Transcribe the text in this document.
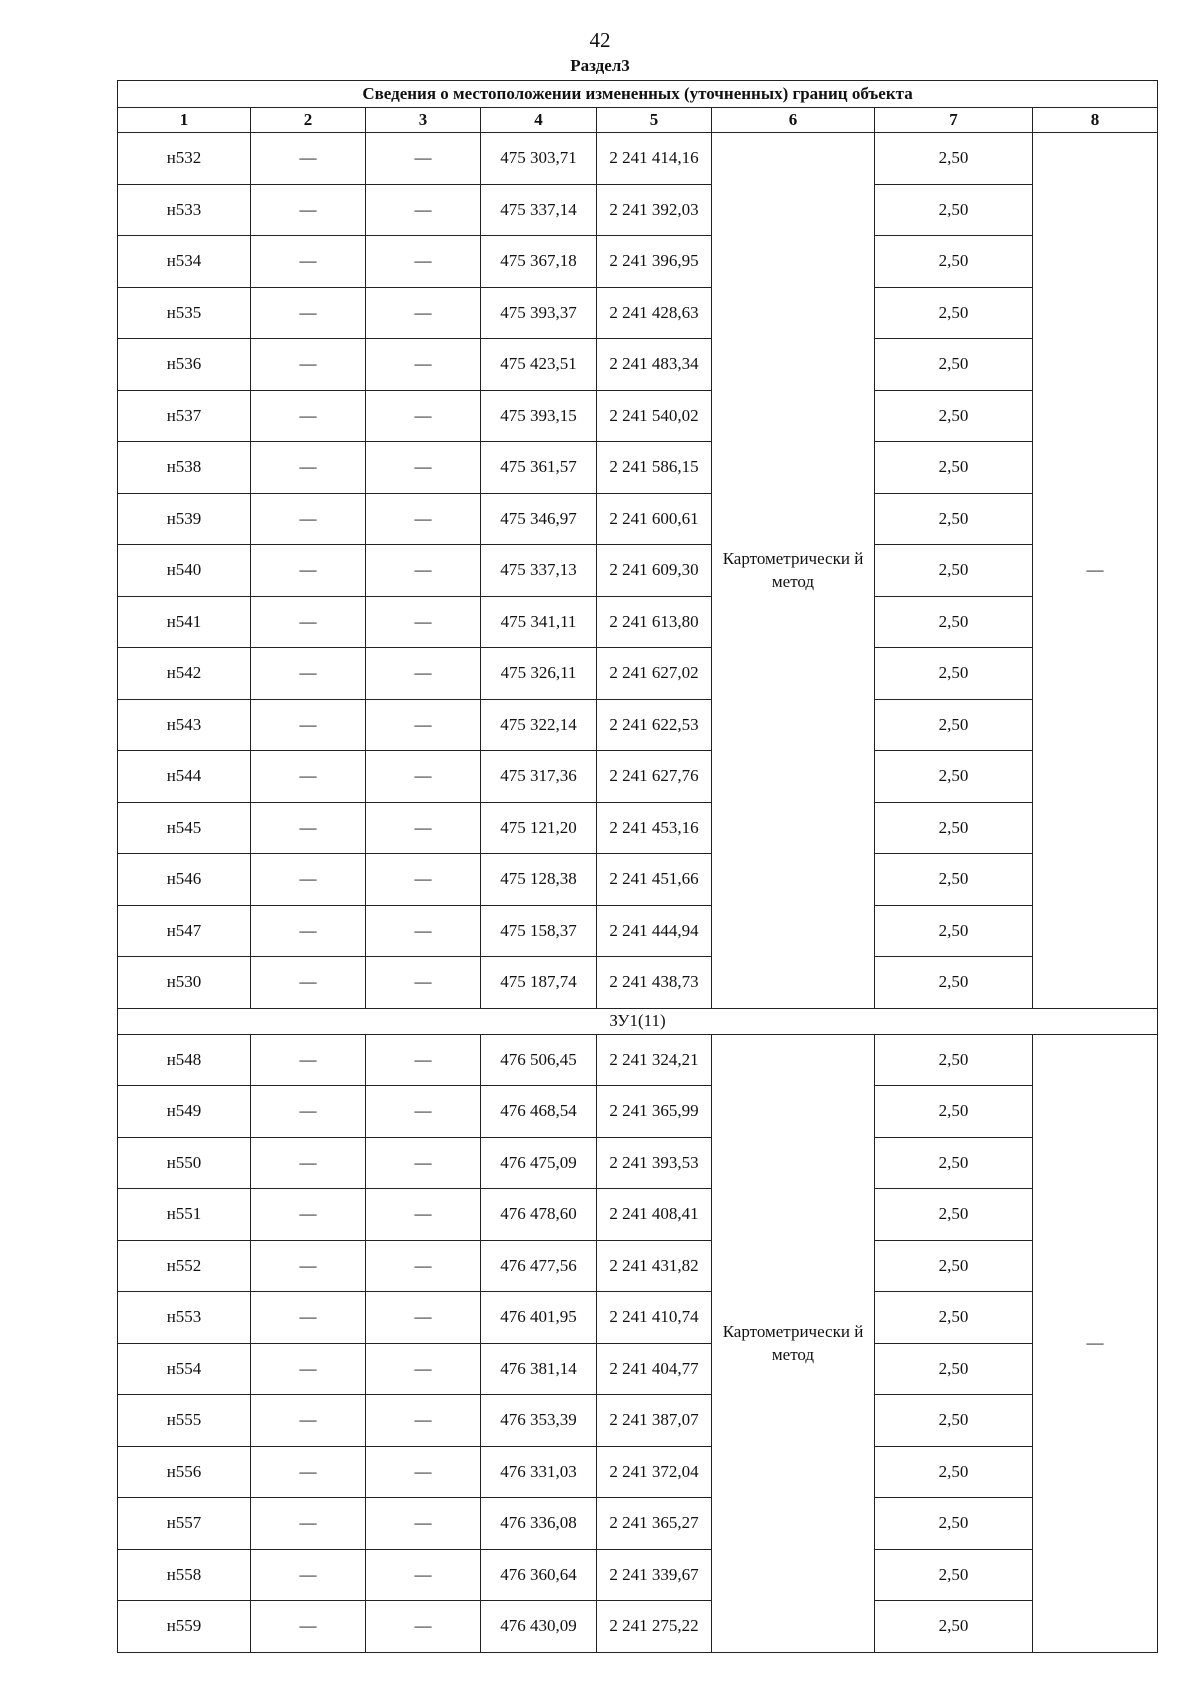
42
Раздел3
Сведения о местоположении измененных (уточненных) границ объекта							
1	2	3	4	5	6	7	8
н532	—	—	475 303,71	2 241 414,16	Картометрически й метод	2,50	—
н533	—	—	475 337,14	2 241 392,03		2,50	
н534	—	—	475 367,18	2 241 396,95		2,50	
н535	—	—	475 393,37	2 241 428,63		2,50	
н536	—	—	475 423,51	2 241 483,34		2,50	
н537	—	—	475 393,15	2 241 540,02		2,50	
н538	—	—	475 361,57	2 241 586,15		2,50	
н539	—	—	475 346,97	2 241 600,61		2,50	
н540	—	—	475 337,13	2 241 609,30		2,50	
н541	—	—	475 341,11	2 241 613,80		2,50	
н542	—	—	475 326,11	2 241 627,02		2,50	
н543	—	—	475 322,14	2 241 622,53		2,50	
н544	—	—	475 317,36	2 241 627,76		2,50	
н545	—	—	475 121,20	2 241 453,16		2,50	
н546	—	—	475 128,38	2 241 451,66		2,50	
н547	—	—	475 158,37	2 241 444,94		2,50	
н530	—	—	475 187,74	2 241 438,73		2,50	
ЗУ1(11)							
н548	—	—	476 506,45	2 241 324,21	Картометрически й метод	2,50	—
н549	—	—	476 468,54	2 241 365,99		2,50	
н550	—	—	476 475,09	2 241 393,53		2,50	
н551	—	—	476 478,60	2 241 408,41		2,50	
н552	—	—	476 477,56	2 241 431,82		2,50	
н553	—	—	476 401,95	2 241 410,74		2,50	
н554	—	—	476 381,14	2 241 404,77		2,50	
н555	—	—	476 353,39	2 241 387,07		2,50	
н556	—	—	476 331,03	2 241 372,04		2,50	
н557	—	—	476 336,08	2 241 365,27		2,50	
н558	—	—	476 360,64	2 241 339,67		2,50	
н559	—	—	476 430,09	2 241 275,22		2,50	
